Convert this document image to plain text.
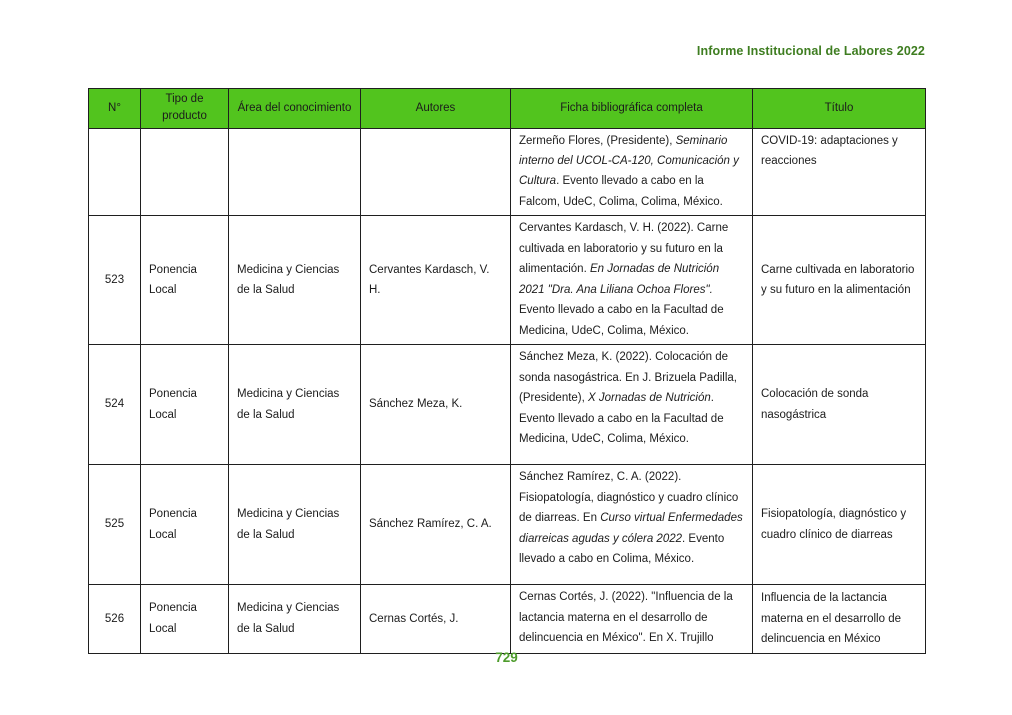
Informe Institucional de Labores 2022
N°	Tipo de producto	Área del conocimiento	Autores	Ficha bibliográfica completa	Título
				Zermeño Flores, (Presidente), Seminario interno del UCOL-CA-120, Comunicación y Cultura. Evento llevado a cabo en la Falcom, UdeC, Colima, Colima, México.	COVID-19: adaptaciones y reacciones
523	Ponencia Local	Medicina y Ciencias de la Salud	Cervantes Kardasch, V. H.	Cervantes Kardasch, V. H. (2022). Carne cultivada en laboratorio y su futuro en la alimentación. En Jornadas de Nutrición 2021 "Dra. Ana Liliana Ochoa Flores". Evento llevado a cabo en la Facultad de Medicina, UdeC, Colima, México.	Carne cultivada en laboratorio y su futuro en la alimentación
524	Ponencia Local	Medicina y Ciencias de la Salud	Sánchez Meza, K.	Sánchez Meza, K. (2022). Colocación de sonda nasogástrica. En J. Brizuela Padilla, (Presidente), X Jornadas de Nutrición. Evento llevado a cabo en la Facultad de Medicina, UdeC, Colima, México.	Colocación de sonda nasogástrica
525	Ponencia Local	Medicina y Ciencias de la Salud	Sánchez Ramírez, C. A.	Sánchez Ramírez, C. A. (2022). Fisiopatología, diagnóstico y cuadro clínico de diarreas. En Curso virtual Enfermedades diarreicas agudas y cólera 2022. Evento llevado a cabo en Colima, México.	Fisiopatología, diagnóstico y cuadro clínico de diarreas
526	Ponencia Local	Medicina y Ciencias de la Salud	Cernas Cortés, J.	Cernas Cortés, J. (2022). "Influencia de la lactancia materna en el desarrollo de delincuencia en México". En X. Trujillo	Influencia de la lactancia materna en el desarrollo de delincuencia en México
729
